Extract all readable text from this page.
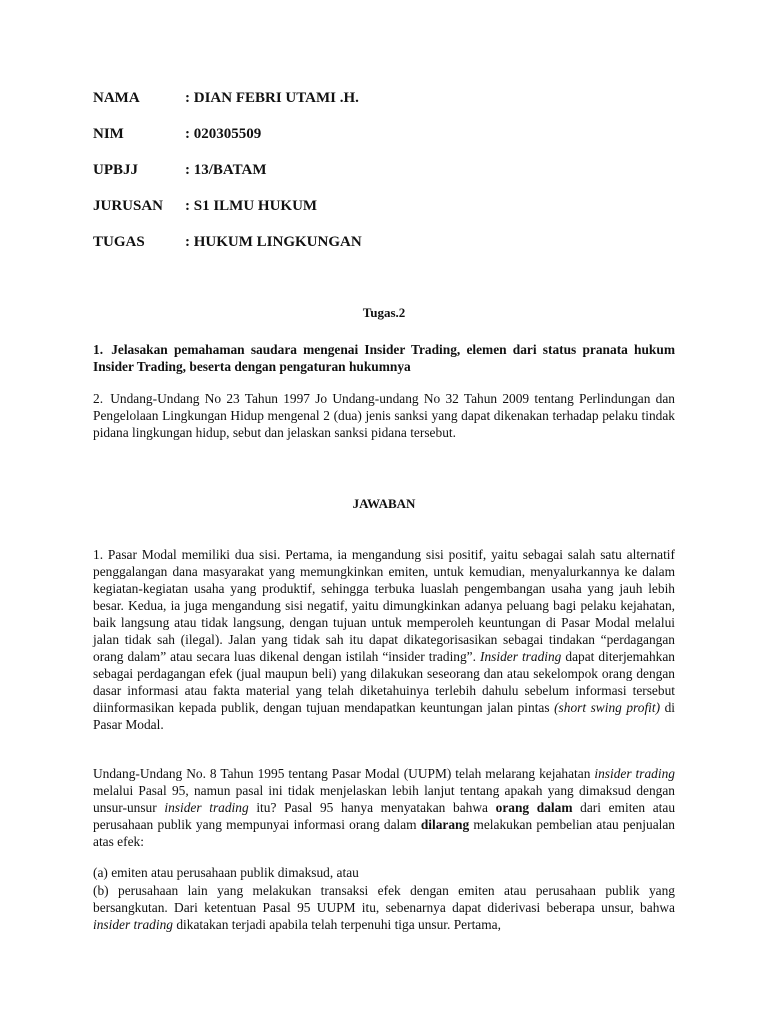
NAMA	: DIAN FEBRI UTAMI .H.
NIM	: 020305509
UPBJJ	: 13/BATAM
JURUSAN : S1 ILMU HUKUM
TUGAS	: HUKUM LINGKUNGAN
Tugas.2
1. Jelasakan pemahaman saudara mengenai Insider Trading, elemen dari status pranata hukum Insider Trading, beserta dengan pengaturan hukumnya
2. Undang-Undang No 23 Tahun 1997 Jo Undang-undang No 32 Tahun 2009 tentang Perlindungan dan Pengelolaan Lingkungan Hidup mengenal 2 (dua) jenis sanksi yang dapat dikenakan terhadap pelaku tindak pidana lingkungan hidup, sebut dan jelaskan sanksi pidana tersebut.
JAWABAN
1. Pasar Modal memiliki dua sisi. Pertama, ia mengandung sisi positif, yaitu sebagai salah satu alternatif penggalangan dana masyarakat yang memungkinkan emiten, untuk kemudian, menyalurkannya ke dalam kegiatan-kegiatan usaha yang produktif, sehingga terbuka luaslah pengembangan usaha yang jauh lebih besar. Kedua, ia juga mengandung sisi negatif, yaitu dimungkinkan adanya peluang bagi pelaku kejahatan, baik langsung atau tidak langsung, dengan tujuan untuk memperoleh keuntungan di Pasar Modal melalui jalan tidak sah (ilegal). Jalan yang tidak sah itu dapat dikategorisasikan sebagai tindakan “perdagangan orang dalam” atau secara luas dikenal dengan istilah “insider trading”. Insider trading dapat diterjemahkan sebagai perdagangan efek (jual maupun beli) yang dilakukan seseorang dan atau sekelompok orang dengan dasar informasi atau fakta material yang telah diketahuinya terlebih dahulu sebelum informasi tersebut diinformasikan kepada publik, dengan tujuan mendapatkan keuntungan jalan pintas (short swing profit) di Pasar Modal.
Undang-Undang No. 8 Tahun 1995 tentang Pasar Modal (UUPM) telah melarang kejahatan insider trading melalui Pasal 95, namun pasal ini tidak menjelaskan lebih lanjut tentang apakah yang dimaksud dengan unsur-unsur insider trading itu? Pasal 95 hanya menyatakan bahwa orang dalam dari emiten atau perusahaan publik yang mempunyai informasi orang dalam dilarang melakukan pembelian atau penjualan atas efek:
(a) emiten atau perusahaan publik dimaksud, atau
(b) perusahaan lain yang melakukan transaksi efek dengan emiten atau perusahaan publik yang bersangkutan. Dari ketentuan Pasal 95 UUPM itu, sebenarnya dapat diderivasi beberapa unsur, bahwa insider trading dikatakan terjadi apabila telah terpenuhi tiga unsur. Pertama,
